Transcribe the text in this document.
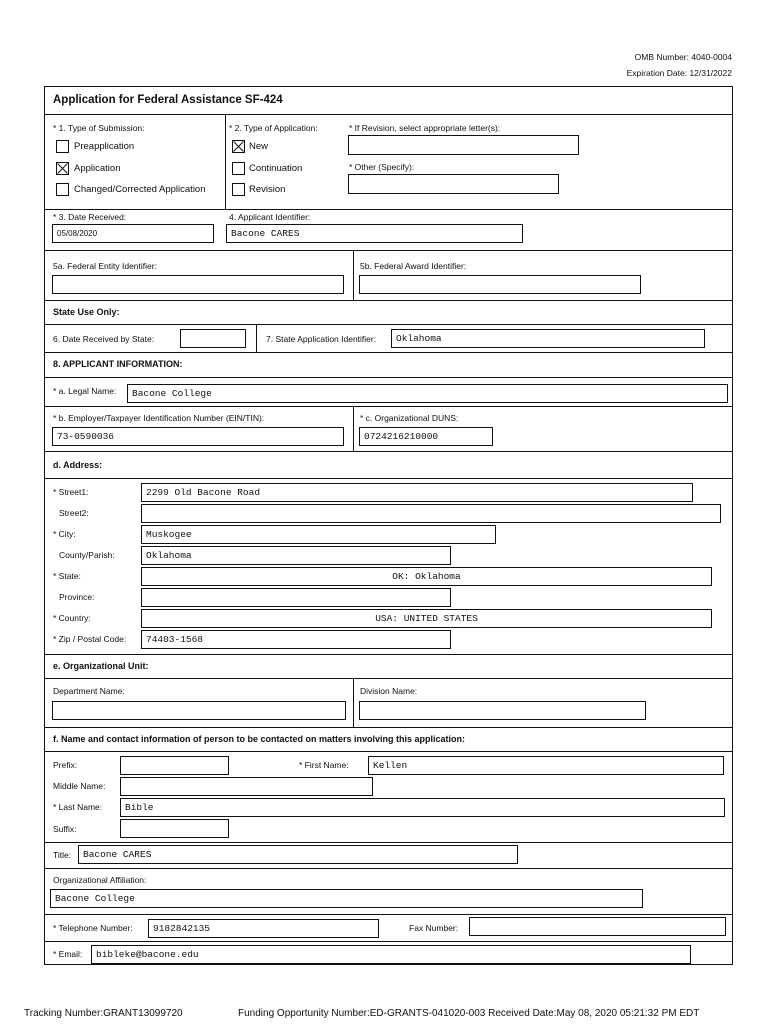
OMB Number: 4040-0004
Expiration Date: 12/31/2022
Application for Federal Assistance SF-424
* 1. Type of Submission:
Preapplication
Application
Changed/Corrected Application
* 2. Type of Application:
New
Continuation
Revision
* If Revision, select appropriate letter(s):
* Other (Specify):
* 3. Date Received:
05/08/2020
4. Applicant Identifier:
Bacone CARES
5a. Federal Entity Identifier:	5b. Federal Award Identifier:
State Use Only:
6. Date Received by State:	7. State Application Identifier:	Oklahoma
8. APPLICANT INFORMATION:
* a. Legal Name:	Bacone College
* b. Employer/Taxpayer Identification Number (EIN/TIN):
73-0590036
* c. Organizational DUNS:
0724216210000
d. Address:
* Street1:	2299 Old Bacone Road
Street2:
* City:	Muskogee
County/Parish:	Oklahoma
* State:	OK: Oklahoma
Province:
* Country:	USA: UNITED STATES
* Zip / Postal Code:	74403-1568
e. Organizational Unit:
Department Name:	Division Name:
f. Name and contact information of person to be contacted on matters involving this application:
Prefix:	* First Name:	Kellen
Middle Name:
* Last Name:	Bible
Suffix:
Title:	Bacone CARES
Organizational Affiliation:
Bacone College
* Telephone Number:	9182842135	Fax Number:
* Email:	bibleke@bacone.edu
Tracking Number:GRANT13099720	Funding Opportunity Number:ED-GRANTS-041020-003 Received Date:May 08, 2020 05:21:32 PM EDT
